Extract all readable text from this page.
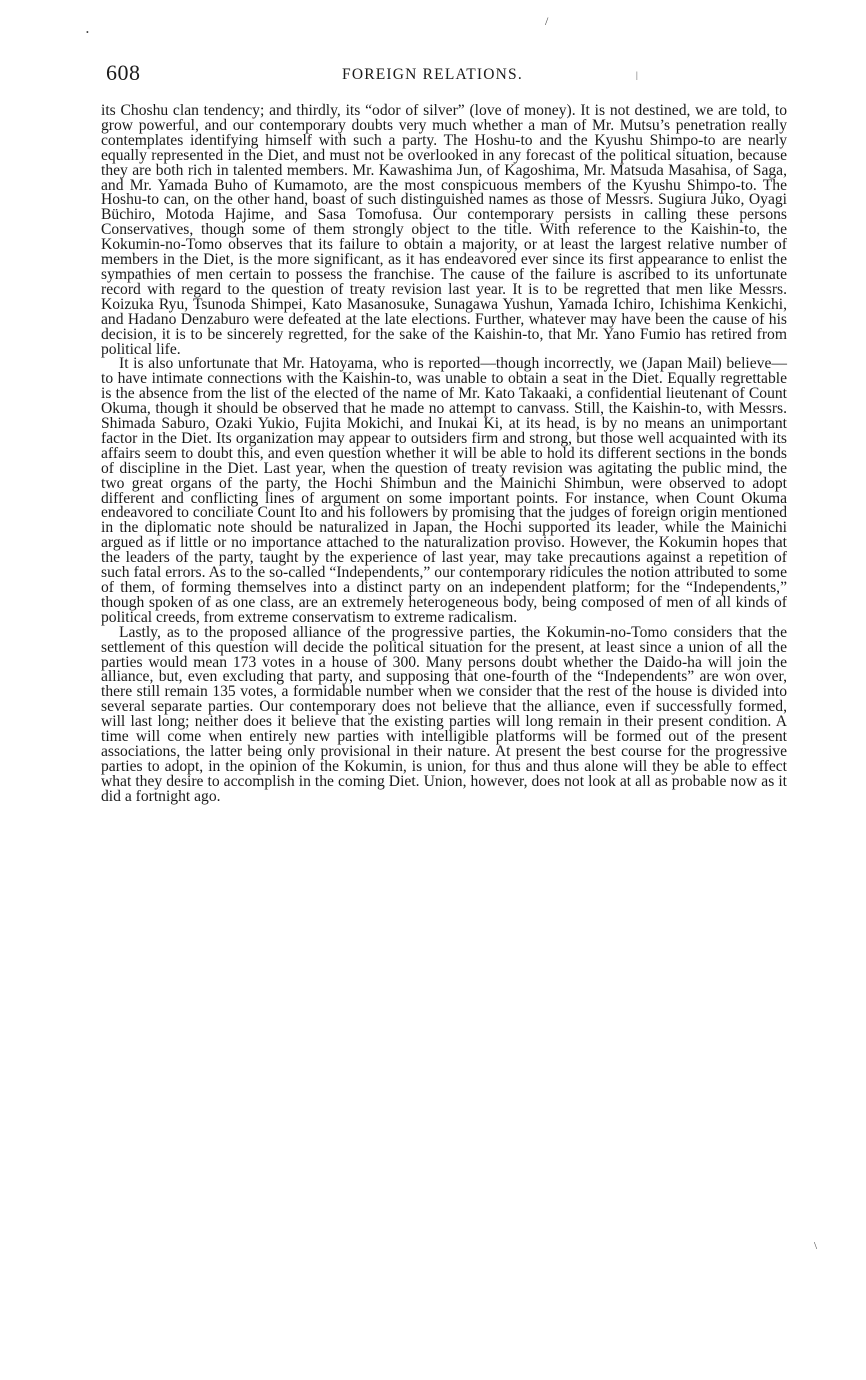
/
•
|
\
608	FOREIGN RELATIONS.

its Choshu clan tendency; and thirdly, its “odor of silver” (love of money). It is not destined, we are told, to grow powerful, and our contemporary doubts very much whether a man of Mr. Mutsu’s penetration really contemplates identifying himself with such a party. The Hoshu-to and the Kyushu Shimpo-to are nearly equally represented in the Diet, and must not be overlooked in any forecast of the political situation, because they are both rich in talented members. Mr. Kawashima Jun, of Kagoshima, Mr. Matsuda Masahisa, of Saga, and Mr. Yamada Buho of Kumamoto, are the most conspicuous members of the Kyushu Shimpo-to. The Hoshu-to can, on the other hand, boast of such distinguished names as those of Messrs. Sugiura Juko, Oyagi Büchiro, Motoda Hajime, and Sasa Tomofusa. Our contemporary persists in calling these persons Conservatives, though some of them strongly object to the title. With reference to the Kaishin-to, the Kokumin-no-Tomo observes that its failure to obtain a majority, or at least the largest relative number of members in the Diet, is the more significant, as it has endeavored ever since its first appearance to enlist the sympathies of men certain to possess the franchise. The cause of the failure is ascribed to its unfortunate record with regard to the question of treaty revision last year. It is to be regretted that men like Messrs. Koizuka Ryu, Tsunoda Shimpei, Kato Masanosuke, Sunagawa Yushun, Yamada Ichiro, Ichishima Kenkichi, and Hadano Denzaburo were defeated at the late elections. Further, whatever may have been the cause of his decision, it is to be sincerely regretted, for the sake of the Kaishin-to, that Mr. Yano Fumio has retired from political life.

It is also unfortunate that Mr. Hatoyama, who is reported—though incorrectly, we (Japan Mail) believe—to have intimate connections with the Kaishin-to, was unable to obtain a seat in the Diet. Equally regrettable is the absence from the list of the elected of the name of Mr. Kato Takaaki, a confidential lieutenant of Count Okuma, though it should be observed that he made no attempt to canvass. Still, the Kaishin-to, with Messrs. Shimada Saburo, Ozaki Yukio, Fujita Mokichi, and Inukai Ki, at its head, is by no means an unimportant factor in the Diet. Its organization may appear to outsiders firm and strong, but those well acquainted with its affairs seem to doubt this, and even question whether it will be able to hold its different sections in the bonds of discipline in the Diet. Last year, when the question of treaty revision was agitating the public mind, the two great organs of the party, the Hochi Shimbun and the Mainichi Shimbun, were observed to adopt different and conflicting lines of argument on some important points. For instance, when Count Okuma endeavored to conciliate Count Ito and his followers by promising that the judges of foreign origin mentioned in the diplomatic note should be naturalized in Japan, the Hochi supported its leader, while the Mainichi argued as if little or no importance attached to the naturalization proviso. However, the Kokumin hopes that the leaders of the party, taught by the experience of last year, may take precautions against a repetition of such fatal errors. As to the so-called “Independents,” our contemporary ridicules the notion attributed to some of them, of forming themselves into a distinct party on an independent platform; for the “Independents,” though spoken of as one class, are an extremely heterogeneous body, being composed of men of all kinds of political creeds, from extreme conservatism to extreme radicalism.

Lastly, as to the proposed alliance of the progressive parties, the Kokumin-no-Tomo considers that the settlement of this question will decide the political situation for the present, at least since a union of all the parties would mean 173 votes in a house of 300. Many persons doubt whether the Daido-ha will join the alliance, but, even excluding that party, and supposing that one-fourth of the “Independents” are won over, there still remain 135 votes, a formidable number when we consider that the rest of the house is divided into several separate parties. Our contemporary does not believe that the alliance, even if successfully formed, will last long; neither does it believe that the existing parties will long remain in their present condition. A time will come when entirely new parties with intelligible platforms will be formed out of the present associations, the latter being only provisional in their nature. At present the best course for the progressive parties to adopt, in the opinion of the Kokumin, is union, for thus and thus alone will they be able to effect what they desire to accomplish in the coming Diet. Union, however, does not look at all as probable now as it did a fortnight ago.
